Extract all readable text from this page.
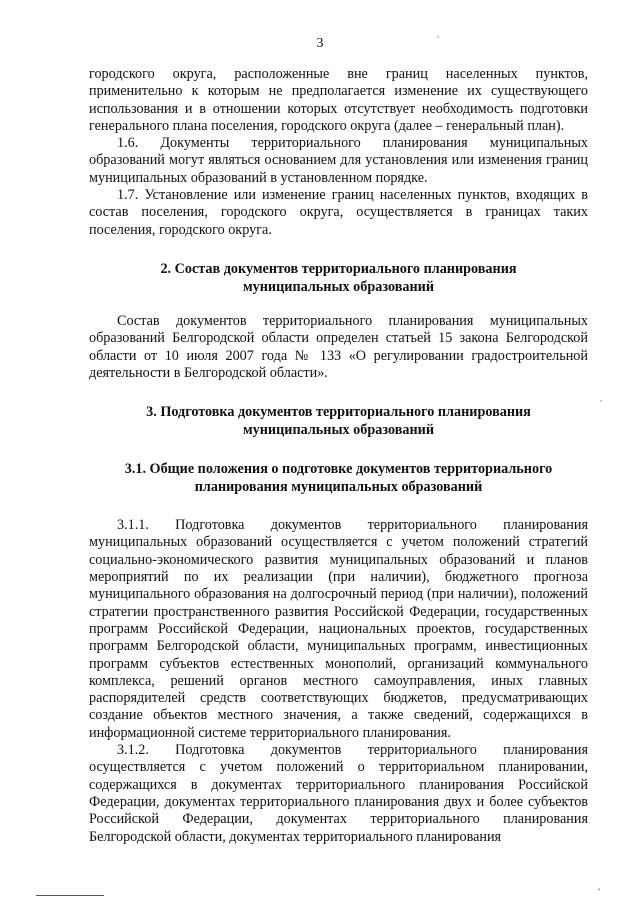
3

городского округа, расположенные вне границ населенных пунктов, применительно к которым не предполагается изменение их существующего использования и в отношении которых отсутствует необходимость подготовки генерального плана поселения, городского округа (далее – генеральный план).

1.6. Документы территориального планирования муниципальных образований могут являться основанием для установления или изменения границ муниципальных образований в установленном порядке.

1.7. Установление или изменение границ населенных пунктов, входящих в состав поселения, городского округа, осуществляется в границах таких поселения, городского округа.

2. Состав документов территориального планирования
муниципальных образований

Состав документов территориального планирования муниципальных образований Белгородской области определен статьей 15 закона Белгородской области от 10 июля 2007 года № 133 «О регулировании градостроительной деятельности в Белгородской области».

3. Подготовка документов территориального планирования
муниципальных образований

3.1. Общие положения о подготовке документов территориального
планирования муниципальных образований

3.1.1. Подготовка документов территориального планирования муниципальных образований осуществляется с учетом положений стратегий социально-экономического развития муниципальных образований и планов мероприятий по их реализации (при наличии), бюджетного прогноза муниципального образования на долгосрочный период (при наличии), положений стратегии пространственного развития Российской Федерации, государственных программ Российской Федерации, национальных проектов, государственных программ Белгородской области, муниципальных программ, инвестиционных программ субъектов естественных монополий, организаций коммунального комплекса, решений органов местного самоуправления, иных главных распорядителей средств соответствующих бюджетов, предусматривающих создание объектов местного значения, а также сведений, содержащихся в информационной системе территориального планирования.

3.1.2. Подготовка документов территориального планирования осуществляется с учетом положений о территориальном планировании, содержащихся в документах территориального планирования Российской Федерации, документах территориального планирования двух и более субъектов Российской Федерации, документах территориального планирования Белгородской области, документах территориального планирования
